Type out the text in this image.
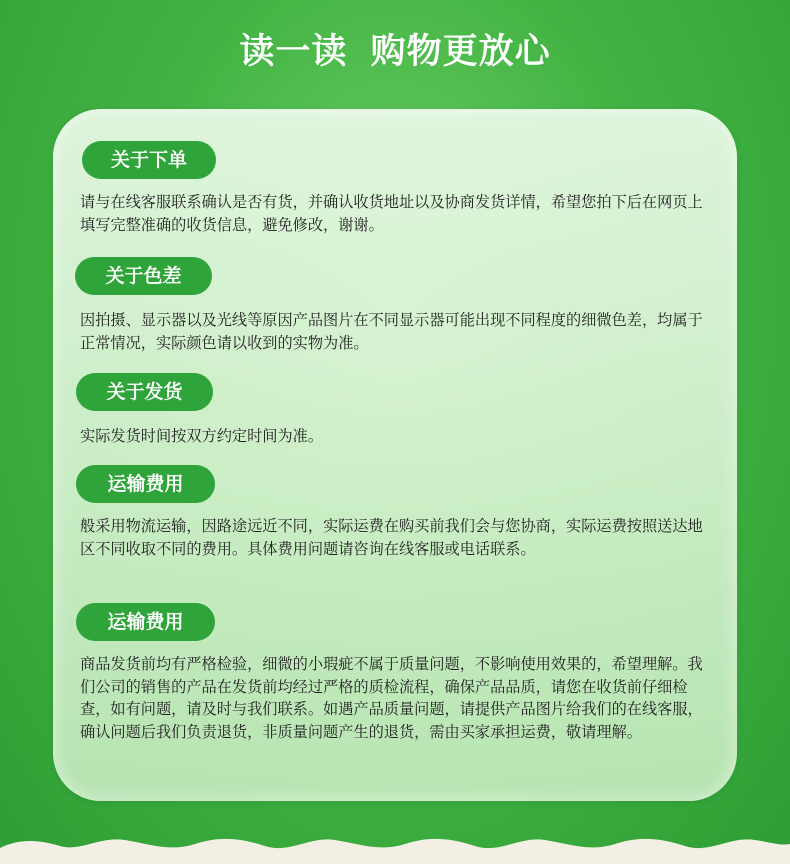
读一读 购物更放心
关于下单
请与在线客服联系确认是否有货，并确认收货地址以及协商发货详情，希望您拍下后在网页上填写完整准确的收货信息，避免修改，谢谢。
关于色差
因拍摄、显示器以及光线等原因产品图片在不同显示器可能出现不同程度的细微色差，均属于正常情况，实际颜色请以收到的实物为准。
关于发货
实际发货时间按双方约定时间为准。
运输费用
般采用物流运输，因路途远近不同，实际运费在购买前我们会与您协商，实际运费按照送达地区不同收取不同的费用。具体费用问题请咨询在线客服或电话联系。
运输费用
商品发货前均有严格检验，细微的小瑕疵不属于质量问题，不影响使用效果的，希望理解。我们公司的销售的产品在发货前均经过严格的质检流程，确保产品品质，请您在收货前仔细检查，如有问题，请及时与我们联系。如遇产品质量问题，请提供产品图片给我们的在线客服，确认问题后我们负责退货，非质量问题产生的退货，需由买家承担运费，敬请理解。
